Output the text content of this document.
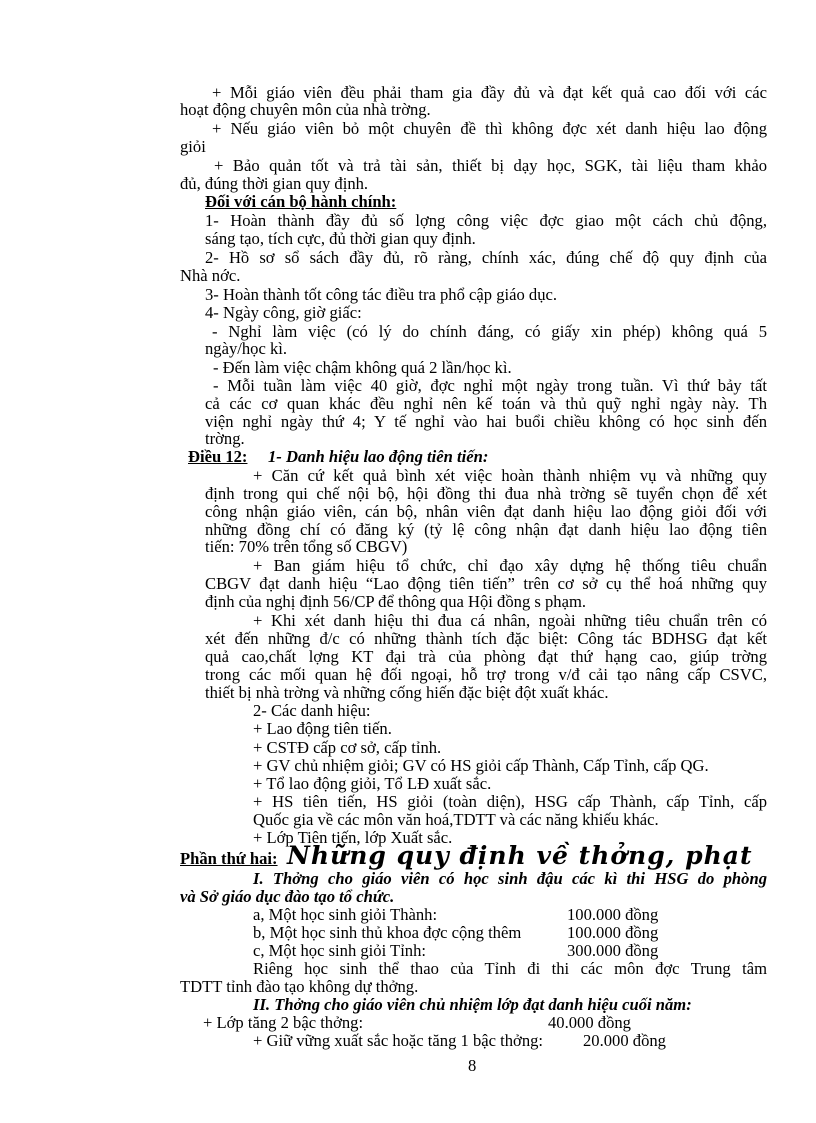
+ Mỗi giáo viên đều phải tham gia đầy đủ và đạt kết quả cao đối với các
hoạt động chuyên môn của nhà trờng.
+ Nếu giáo viên bỏ một chuyên đề thì không đợc xét danh hiệu lao động
giỏi
+ Bảo quản tốt và trả tài sản, thiết bị dạy học, SGK, tài liệu tham khảo
đủ, đúng thời gian quy định.
Đối với cán bộ hành chính:
1- Hoàn thành đầy đủ số lợng công việc đợc giao một cách chủ động,
sáng tạo, tích cực, đủ thời gian quy định.
2- Hồ sơ sổ sách đầy đủ, rõ ràng, chính xác, đúng chế độ quy định của
Nhà nớc.
3- Hoàn thành tốt công tác điều tra phổ cập giáo dục.
4- Ngày công, giờ giấc:
- Nghỉ làm việc (có lý do chính đáng, có giấy xin phép) không quá 5
ngày/học kì.
- Đến làm việc chậm không quá 2 lần/học kì.
- Mỗi tuần làm việc 40 giờ, đợc nghỉ một ngày trong tuần. Vì thứ bảy tất
cả các cơ quan khác đều nghỉ nên kế toán và thủ quỹ nghỉ ngày này. Th
viện nghỉ ngày thứ 4; Y tế nghỉ vào hai buổi chiều không có học sinh đến
trờng.
Điều 12: 1- Danh hiệu lao động tiên tiến:
+ Căn cứ kết quả bình xét việc hoàn thành nhiệm vụ và những quy
định trong qui chế nội bộ, hội đồng thi đua nhà trờng sẽ tuyển chọn để xét
công nhận giáo viên, cán bộ, nhân viên đạt danh hiệu lao động giỏi đối với
những đồng chí có đăng ký (tỷ lệ công nhận đạt danh hiệu lao động tiên
tiến: 70% trên tổng số CBGV)
+ Ban giám hiệu tổ chức, chỉ đạo xây dựng hệ thống tiêu chuẩn
CBGV đạt danh hiệu “Lao động tiên tiến” trên cơ sở cụ thể hoá những quy
định của nghị định 56/CP để thông qua Hội đồng s phạm.
+ Khi xét danh hiệu thi đua cá nhân, ngoài những tiêu chuẩn trên có
xét đến những đ/c có những thành tích đặc biệt: Công tác BDHSG đạt kết
quả cao,chất lợng KT đại trà của phòng đạt thứ hạng cao, giúp trờng
trong các mối quan hệ đối ngoại, hỗ trợ trong v/đ cải tạo nâng cấp CSVC,
thiết bị nhà trờng và những cống hiến đặc biệt đột xuất khác.
2- Các danh hiệu:
+ Lao động tiên tiến.
+ CSTĐ cấp cơ sở, cấp tỉnh.
+ GV chủ nhiệm giỏi; GV có HS giỏi cấp Thành, Cấp Tỉnh, cấp QG.
+ Tổ lao động giỏi, Tổ LĐ xuất sắc.
+ HS tiên tiến, HS giỏi (toàn diện), HSG cấp Thành, cấp Tỉnh, cấp
Quốc gia về các môn văn hoá,TDTT và các năng khiếu khác.
+ Lớp Tiên tiến, lớp Xuất sắc.
Phần thứ hai: Những quy định về thởng, phạt
I. Thởng cho giáo viên có học sinh đậu các kì thi HSG do phòng
và Sở giáo dục đào tạo tổ chức.
a, Một học sinh giỏi Thành:	100.000 đồng
b, Một học sinh thủ khoa đợc cộng thêm	100.000 đồng
c, Một học sinh giỏi Tỉnh:	300.000 đồng
Riêng học sinh thể thao của Tỉnh đi thi các môn đợc Trung tâm
TDTT tỉnh đào tạo không dự thởng.
II. Thởng cho giáo viên chủ nhiệm lớp đạt danh hiệu cuối năm:
+ Lớp tăng 2 bậc thởng:	40.000 đồng
+ Giữ vững xuất sắc hoặc tăng 1 bậc thởng: 20.000 đồng
8
